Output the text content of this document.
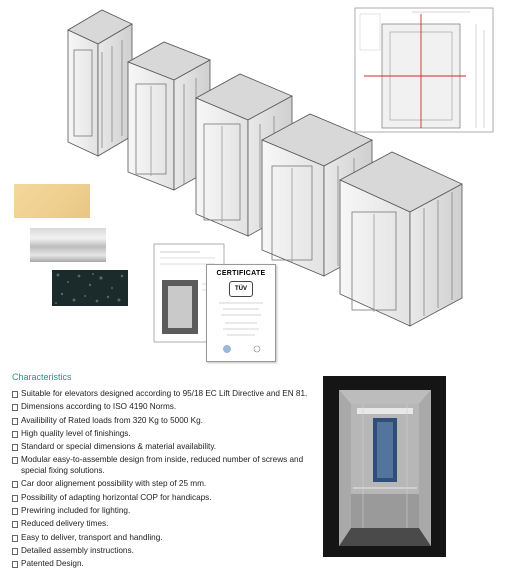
CERTIFICATE
TÜV
Characteristics
Suitable for elevators designed according to 95/18 EC Lift Directive and EN 81.
Dimensions according to ISO 4190 Norms.
Availibility of Rated loads from 320 Kg to 5000 Kg.
High quality level of finishings.
Standard or special dimensions & material availability.
Modular easy-to-assemble design from inside, reduced number of screws and special fixing solutions.
Car door alignement possibility with step of 25 mm.
Possibility of adapting horizontal COP for handicaps.
Prewiring included for lighting.
Reduced delivery times.
Easy to deliver, transport and handling.
Detailed assembly instructions.
Patented Design.
